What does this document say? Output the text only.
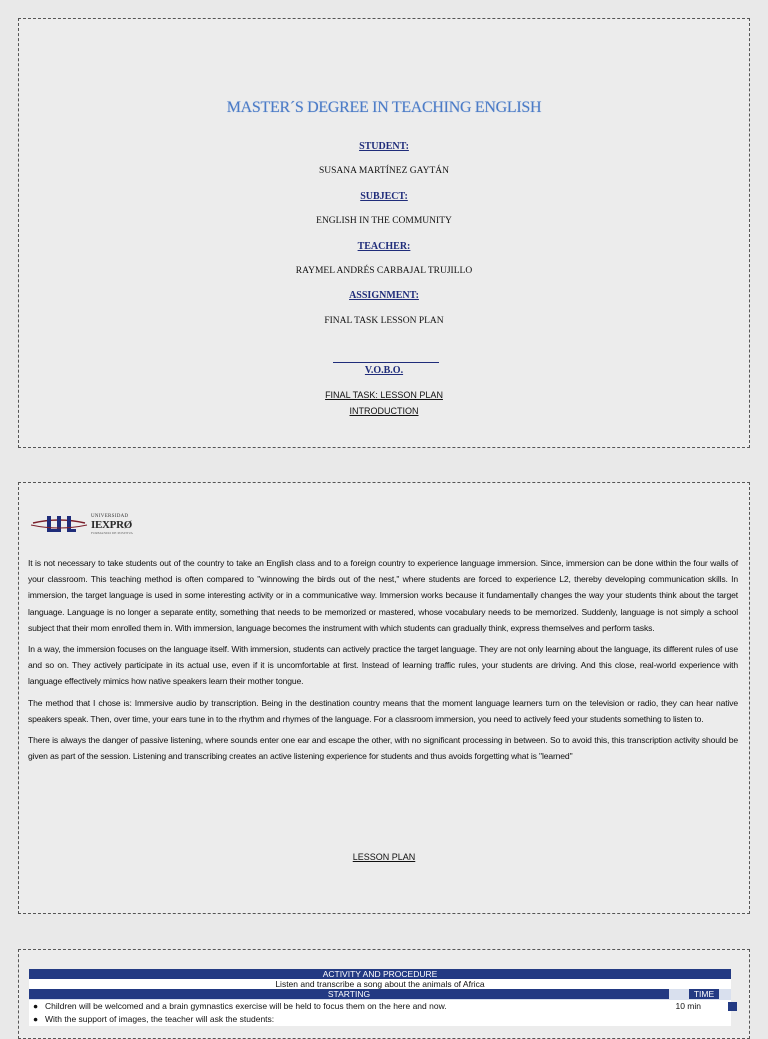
MASTER´S DEGREE IN TEACHING ENGLISH
STUDENT:
SUSANA MARTÍNEZ GAYTÁN
SUBJECT:
ENGLISH IN THE COMMUNITY
TEACHER:
RAYMEL ANDRÉS CARBAJAL TRUJILLO
ASSIGNMENT:
FINAL TASK LESSON PLAN
V.O.B.O.
FINAL TASK: LESSON PLAN
INTRODUCTION
UNIVERSIDAD
IEXPRØ
FORMANDO DE POSITIVA

It is not necessary to take students out of the country to take an English class and to a foreign country to experience language immersion. Since, immersion can be done within the four walls of your classroom. This teaching method is often compared to "winnowing the birds out of the nest," where students are forced to experience L2, thereby developing communication skills. In immersion, the target language is used in some interesting activity or in a communicative way. Immersion works because it fundamentally changes the way your students think about the target language. Language is no longer a separate entity, something that needs to be memorized or mastered, whose vocabulary needs to be memorized. Suddenly, language is not simply a school subject that their mom enrolled them in. With immersion, language becomes the instrument with which students can gradually think, express themselves and perform tasks.

In a way, the immersion focuses on the language itself. With immersion, students can actively practice the target language. They are not only learning about the language, its different rules of use and so on. They actively participate in its actual use, even if it is uncomfortable at first. Instead of learning traffic rules, your students are driving. And this close, real-world experience with language effectively mimics how native speakers learn their mother tongue.

The method that I chose is: Immersive audio by transcription. Being in the destination country means that the moment language learners turn on the television or radio, they can hear native speakers speak. Then, over time, your ears tune in to the rhythm and rhymes of the language. For a classroom immersion, you need to actively feed your students something to listen to.

There is always the danger of passive listening, where sounds enter one ear and escape the other, with no significant processing in between. So to avoid this, this transcription activity should be given as part of the session. Listening and transcribing creates an active listening experience for students and thus avoids forgetting what is "learned"

LESSON PLAN
ACTIVITY AND PROCEDURE
Listen and transcribe a song about the animals of Africa
STARTING	TIME
● Children will be welcomed and a brain gymnastics exercise will be held to focus them on the here and now.	10 min
● With the support of images, the teacher will ask the students:
